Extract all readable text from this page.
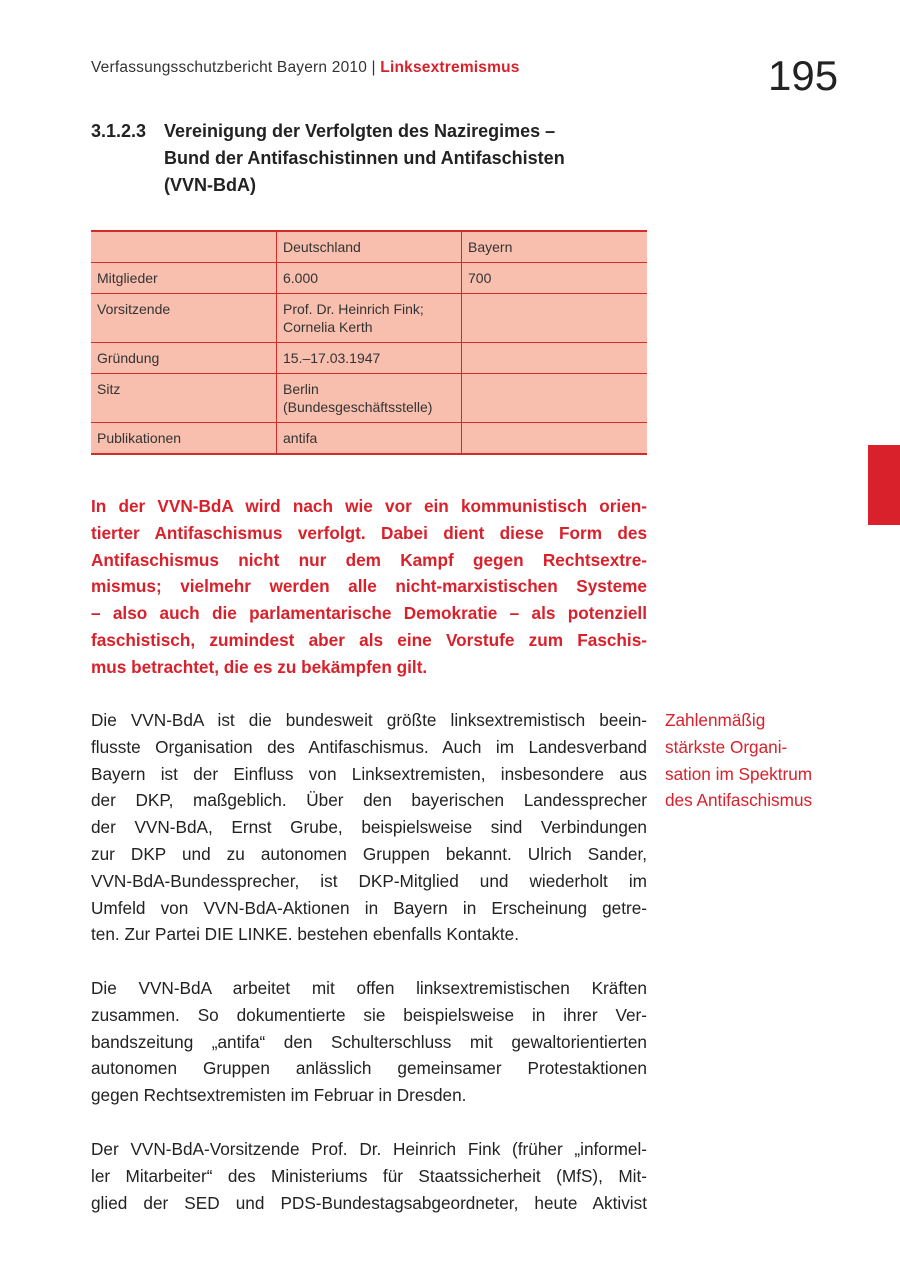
Verfassungsschutzbericht Bayern 2010 | Linksextremismus	195
3.1.2.3 Vereinigung der Verfolgten des Naziregimes –
Bund der Antifaschistinnen und Antifaschisten
(VVN-BdA)
	Deutschland	Bayern
Mitglieder	6.000	700
Vorsitzende	Prof. Dr. Heinrich Fink;
Cornelia Kerth	

Gründung	15.–17.03.1947	
Sitz	Berlin
(Bundesgeschäftsstelle)	

Publikationen	antifa	
In der VVN-BdA wird nach wie vor ein kommunistisch orien-
tierter Antifaschismus verfolgt. Dabei dient diese Form des
Antifaschismus nicht nur dem Kampf gegen Rechtsextre-
mismus; vielmehr werden alle nicht-marxistischen Systeme
– also auch die parlamentarische Demokratie – als potenziell
faschistisch, zumindest aber als eine Vorstufe zum Faschis-
mus betrachtet, die es zu bekämpfen gilt.
Die VVN-BdA ist die bundesweit größte linksextremistisch beein-
flusste Organisation des Antifaschismus. Auch im Landesverband
Bayern ist der Einfluss von Linksextremisten, insbesondere aus
der DKP, maßgeblich. Über den bayerischen Landessprecher
der VVN-BdA, Ernst Grube, beispielsweise sind Verbindungen
zur DKP und zu autonomen Gruppen bekannt. Ulrich Sander,
VVN-BdA-Bundessprecher, ist DKP-Mitglied und wiederholt im
Umfeld von VVN-BdA-Aktionen in Bayern in Erscheinung getre-
ten. Zur Partei DIE LINKE. bestehen ebenfalls Kontakte.
Die VVN-BdA arbeitet mit offen linksextremistischen Kräften
zusammen. So dokumentierte sie beispielsweise in ihrer Ver-
bandszeitung „antifa“ den Schulterschluss mit gewaltorientierten
autonomen Gruppen anlässlich gemeinsamer Protestaktionen
gegen Rechtsextremisten im Februar in Dresden.
Der VVN-BdA-Vorsitzende Prof. Dr. Heinrich Fink (früher „informel-
ler Mitarbeiter“ des Ministeriums für Staatssicherheit (MfS), Mit-
glied der SED und PDS-Bundestagsabgeordneter, heute Aktivist
Zahlenmäßig
stärkste Organi-
sation im Spektrum
des Antifaschismus
